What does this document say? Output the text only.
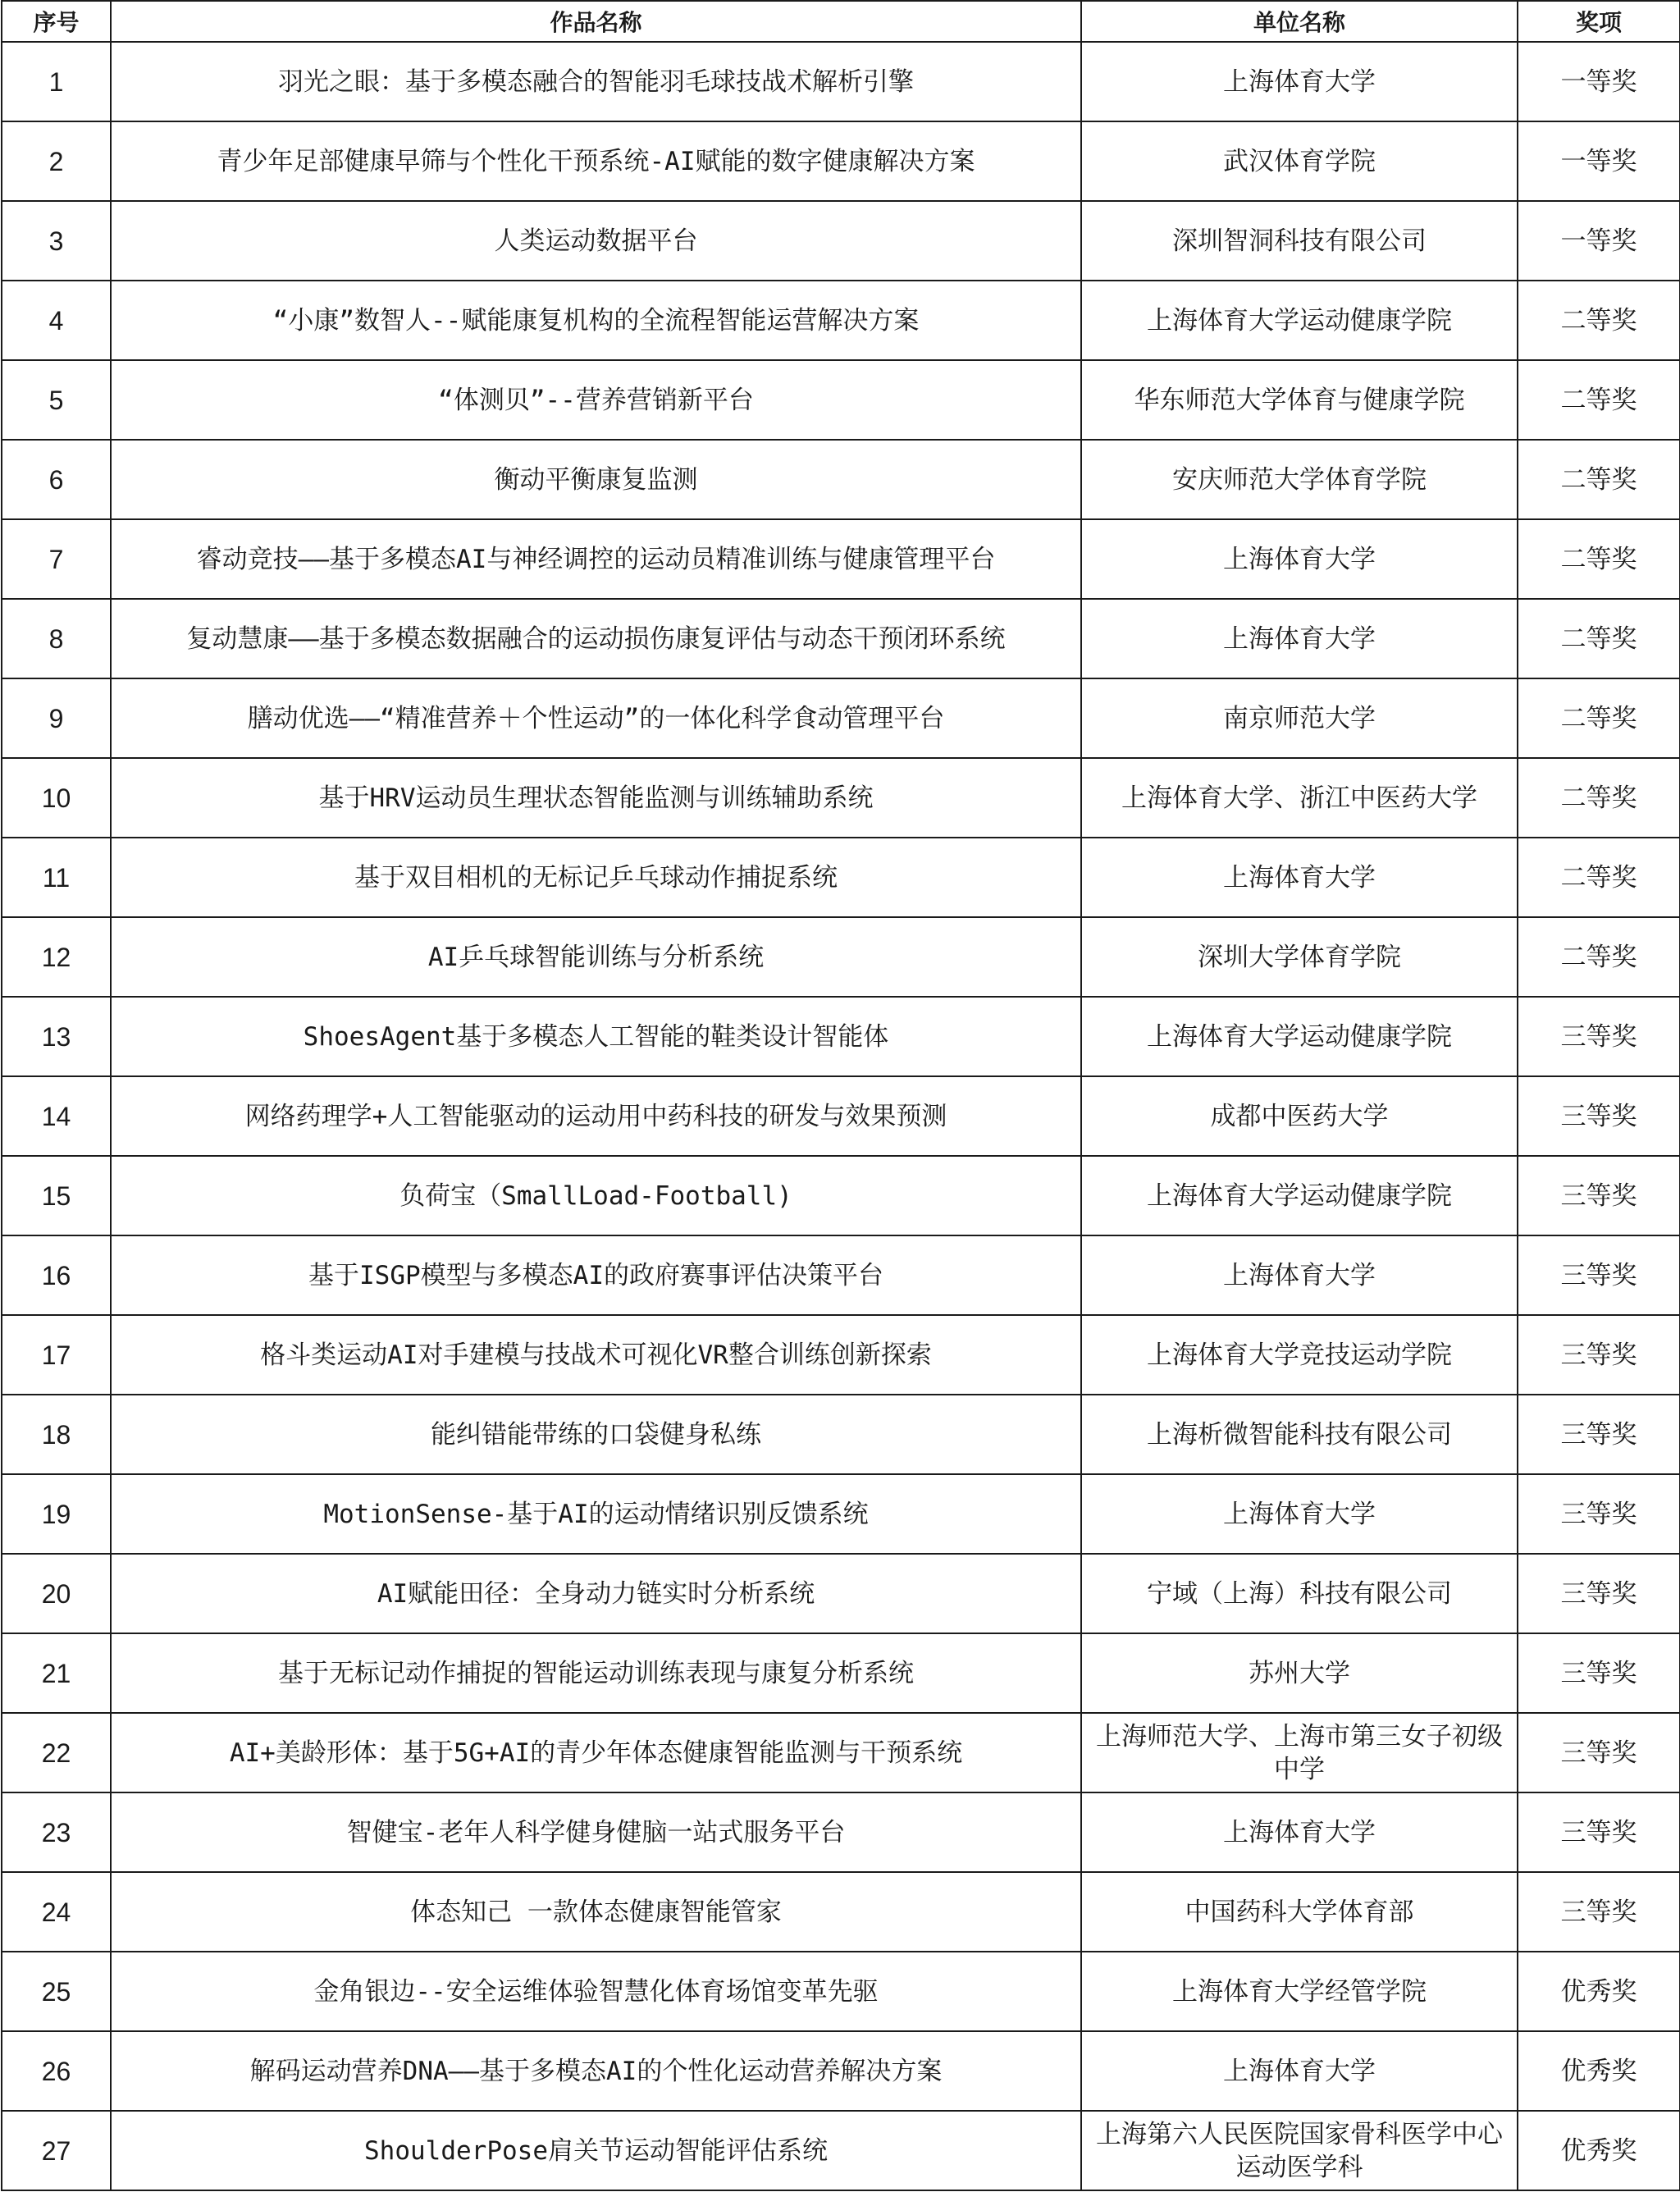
序号	作品名称	单位名称	奖项
1	羽光之眼：基于多模态融合的智能羽毛球技战术解析引擎	上海体育大学	一等奖
2	青少年足部健康早筛与个性化干预系统-AI赋能的数字健康解决方案	武汉体育学院	一等奖
3	人类运动数据平台	深圳智洞科技有限公司	一等奖
4	“小康”数智人--赋能康复机构的全流程智能运营解决方案	上海体育大学运动健康学院	二等奖
5	“体测贝”--营养营销新平台	华东师范大学体育与健康学院	二等奖
6	衡动平衡康复监测	安庆师范大学体育学院	二等奖
7	睿动竞技——基于多模态AI与神经调控的运动员精准训练与健康管理平台	上海体育大学	二等奖
8	复动慧康——基于多模态数据融合的运动损伤康复评估与动态干预闭环系统	上海体育大学	二等奖
9	膳动优选——“精准营养＋个性运动”的一体化科学食动管理平台	南京师范大学	二等奖
10	基于HRV运动员生理状态智能监测与训练辅助系统	上海体育大学、浙江中医药大学	二等奖
11	基于双目相机的无标记乒乓球动作捕捉系统	上海体育大学	二等奖
12	AI乒乓球智能训练与分析系统	深圳大学体育学院	二等奖
13	ShoesAgent基于多模态人工智能的鞋类设计智能体	上海体育大学运动健康学院	三等奖
14	网络药理学+人工智能驱动的运动用中药科技的研发与效果预测	成都中医药大学	三等奖
15	负荷宝（SmallLoad-Football)	上海体育大学运动健康学院	三等奖
16	基于ISGP模型与多模态AI的政府赛事评估决策平台	上海体育大学	三等奖
17	格斗类运动AI对手建模与技战术可视化VR整合训练创新探索	上海体育大学竞技运动学院	三等奖
18	能纠错能带练的口袋健身私练	上海析微智能科技有限公司	三等奖
19	MotionSense-基于AI的运动情绪识别反馈系统	上海体育大学	三等奖
20	AI赋能田径：全身动力链实时分析系统	宁域（上海）科技有限公司	三等奖
21	基于无标记动作捕捉的智能运动训练表现与康复分析系统	苏州大学	三等奖
22	AI+美龄形体：基于5G+AI的青少年体态健康智能监测与干预系统	上海师范大学、上海市第三女子初级中学	三等奖
23	智健宝-老年人科学健身健脑一站式服务平台	上海体育大学	三等奖
24	体态知己 一款体态健康智能管家	中国药科大学体育部	三等奖
25	金角银边--安全运维体验智慧化体育场馆变革先驱	上海体育大学经管学院	优秀奖
26	解码运动营养DNA——基于多模态AI的个性化运动营养解决方案	上海体育大学	优秀奖
27	ShoulderPose肩关节运动智能评估系统	上海第六人民医院国家骨科医学中心运动医学科	优秀奖
